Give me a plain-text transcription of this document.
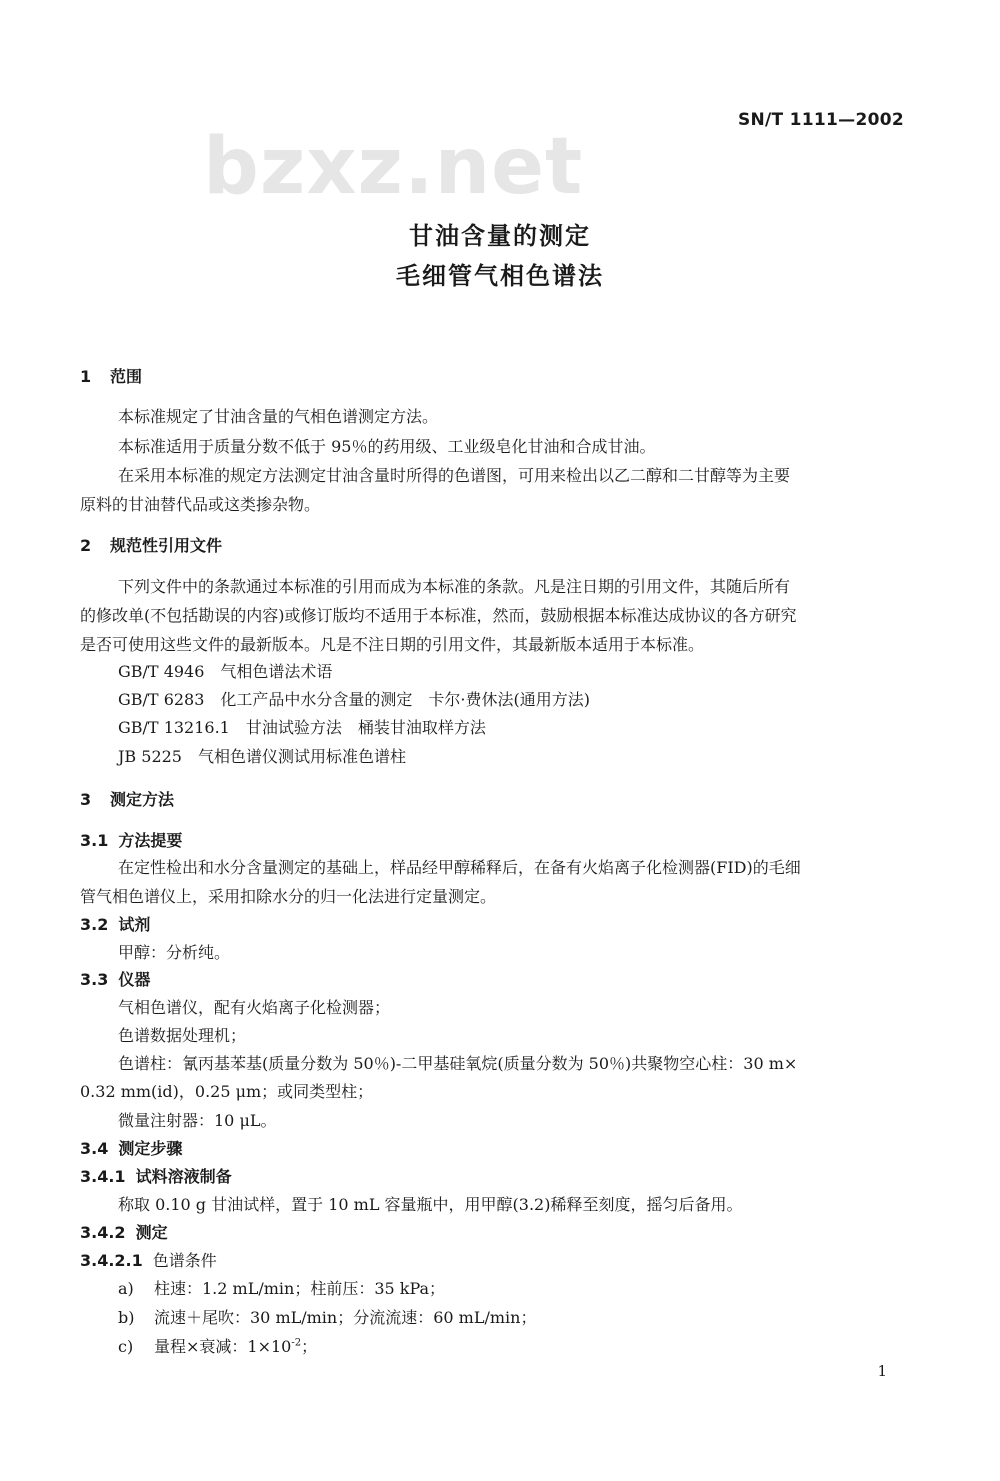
bzxz.net
SN/T 1111—2002
甘油含量的测定
毛细管气相色谱法
1 范围
本标准规定了甘油含量的气相色谱测定方法。
本标准适用于质量分数不低于 95％的药用级、工业级皂化甘油和合成甘油。
在采用本标准的规定方法测定甘油含量时所得的色谱图，可用来检出以乙二醇和二甘醇等为主要
原料的甘油替代品或这类掺杂物。
2 规范性引用文件
下列文件中的条款通过本标准的引用而成为本标准的条款。凡是注日期的引用文件，其随后所有
的修改单(不包括勘误的内容)或修订版均不适用于本标准，然而，鼓励根据本标准达成协议的各方研究
是否可使用这些文件的最新版本。凡是不注日期的引用文件，其最新版本适用于本标准。
GB/T 4946　气相色谱法术语
GB/T 6283　化工产品中水分含量的测定　卡尔·费休法(通用方法)
GB/T 13216.1　甘油试验方法　桶装甘油取样方法
JB 5225　气相色谱仪测试用标准色谱柱
3 测定方法
3.1 方法提要
在定性检出和水分含量测定的基础上，样品经甲醇稀释后，在备有火焰离子化检测器(FID)的毛细
管气相色谱仪上，采用扣除水分的归一化法进行定量测定。
3.2 试剂
甲醇：分析纯。
3.3 仪器
气相色谱仪，配有火焰离子化检测器；
色谱数据处理机；
色谱柱：氰丙基苯基(质量分数为 50％)-二甲基硅氧烷(质量分数为 50％)共聚物空心柱：30 m×
0.32 mm(id)，0.25 μm；或同类型柱；
微量注射器：10 μL。
3.4 测定步骤
3.4.1 试料溶液制备
称取 0.10 g 甘油试样，置于 10 mL 容量瓶中，用甲醇(3.2)稀释至刻度，摇匀后备用。
3.4.2 测定
3.4.2.1 色谱条件
a) 柱速：1.2 mL/min；柱前压：35 kPa；
b) 流速＋尾吹：30 mL/min；分流流速：60 mL/min；
c) 量程×衰减：$1\times 10^{-2}$；
1
